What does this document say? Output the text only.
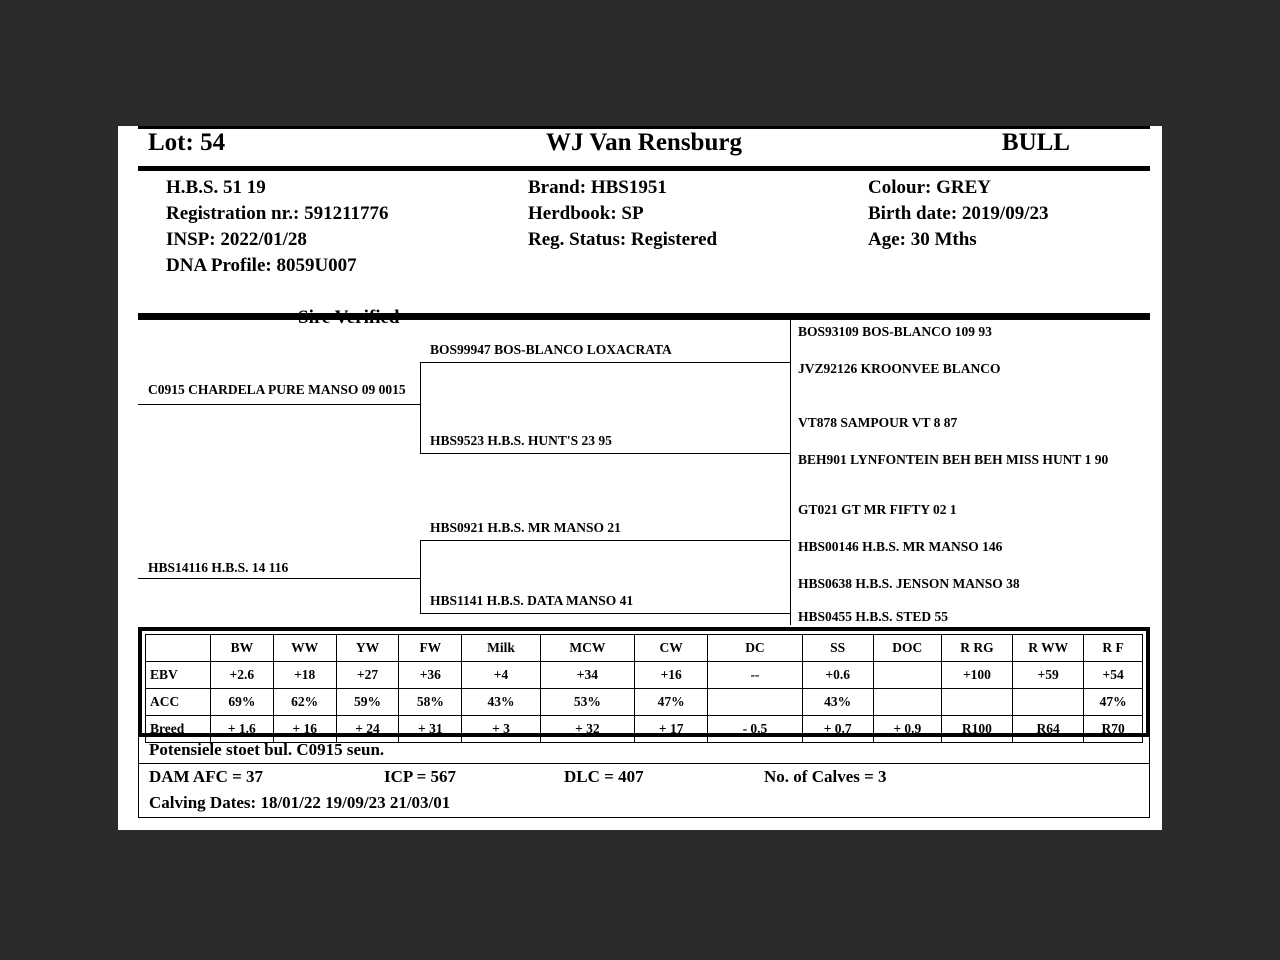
Lot: 54	WJ Van Rensburg	BULL
H.B.S. 51 19
Registration nr.: 591211776
INSP: 2022/01/28
DNA Profile: 8059U007
Brand: HBS1951
Herdbook: SP
Reg. Status: Registered
Colour: GREY
Birth date: 2019/09/23
Age: 30 Mths
Sire Verified
C0915 CHARDELA PURE MANSO 09 0015
HBS14116 H.B.S. 14 116
BOS99947 BOS-BLANCO LOXACRATA
HBS9523 H.B.S. HUNT'S 23 95
HBS0921 H.B.S. MR MANSO 21
HBS1141 H.B.S. DATA MANSO 41
BOS93109 BOS-BLANCO 109 93
JVZ92126 KROONVEE BLANCO
VT878 SAMPOUR VT 8 87
BEH901 LYNFONTEIN BEH BEH MISS HUNT 1 90
GT021 GT MR FIFTY 02 1
HBS00146 H.B.S. MR MANSO 146
HBS0638 H.B.S. JENSON MANSO 38
HBS0455 H.B.S. STED 55
	BW	WW	YW	FW	Milk	MCW	CW	DC	SS	DOC	R RG	R WW	R F
EBV	+2.6	+18	+27	+36	+4	+34	+16	--	+0.6		+100	+59	+54
ACC	69%	62%	59%	58%	43%	53%	47%		43%				47%
Breed	+ 1.6	+ 16	+ 24	+ 31	+ 3	+ 32	+ 17	- 0.5	+ 0.7	+ 0.9	R100	R64	R70
Potensiele stoet bul. C0915 seun.
DAM AFC = 37	ICP = 567	DLC = 407	No. of Calves = 3
Calving Dates: 18/01/22 19/09/23 21/03/01
